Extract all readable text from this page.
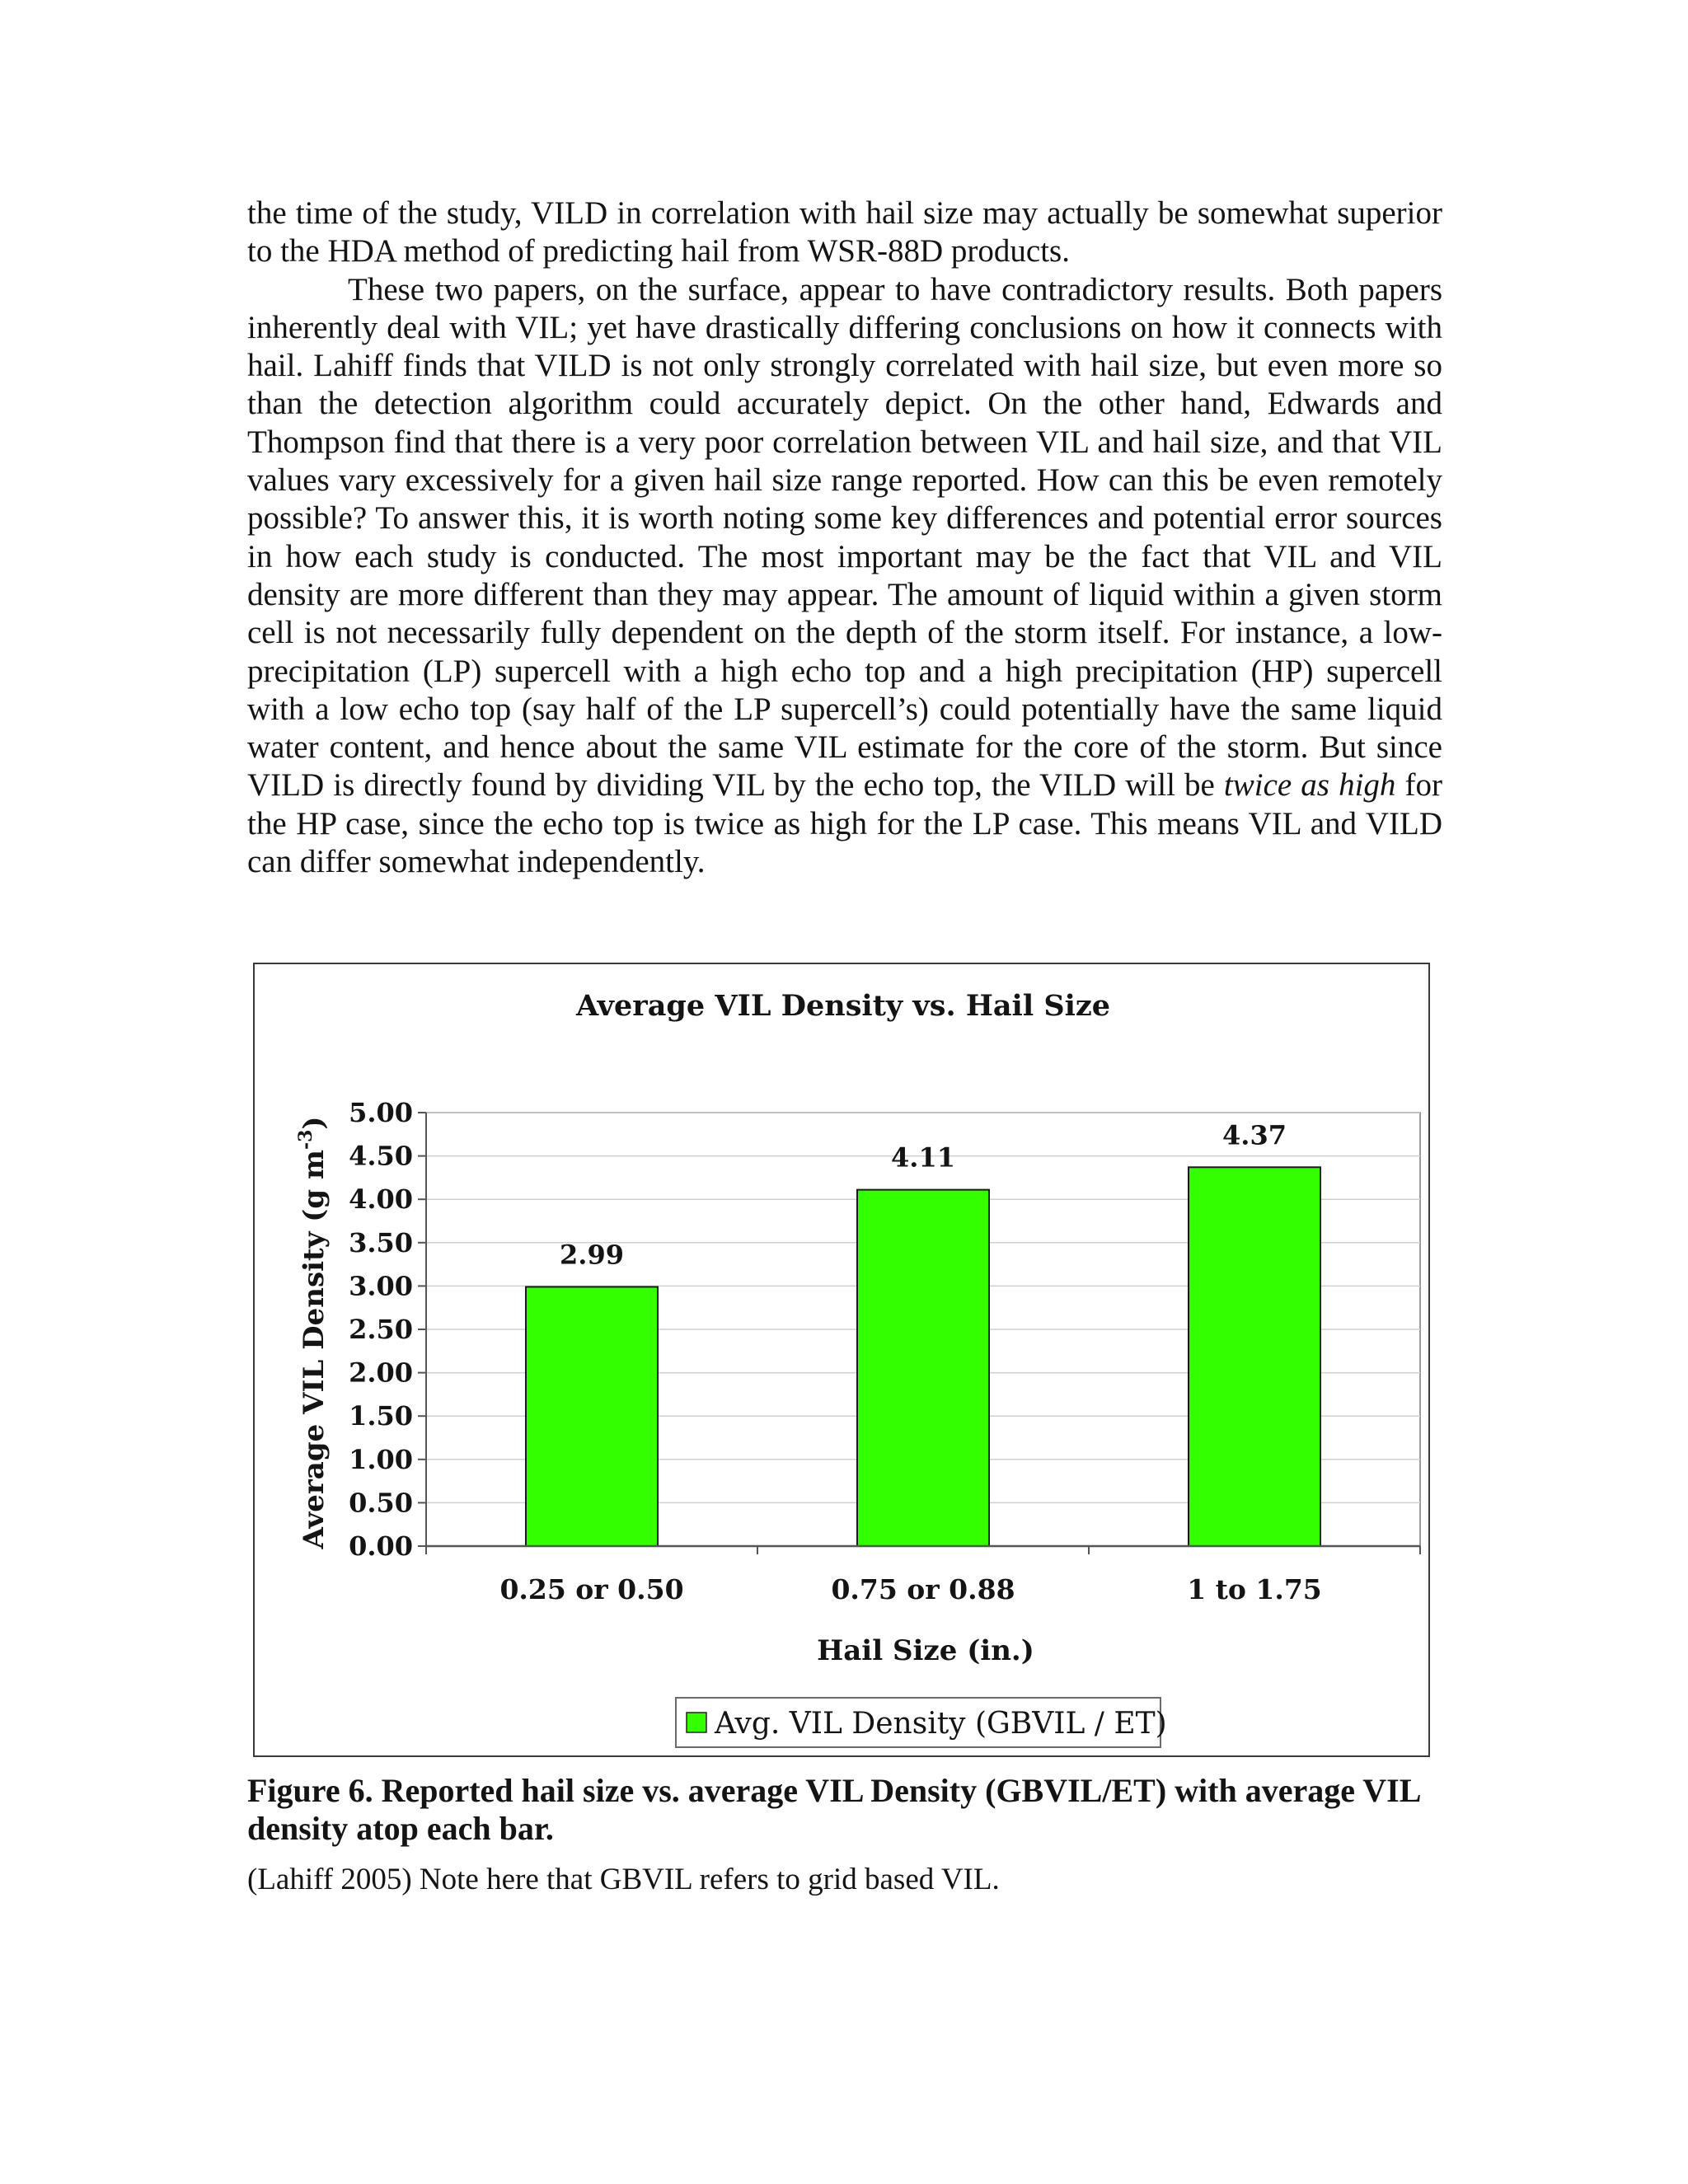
the time of the study, VILD in correlation with hail size may actually be somewhat superior to the HDA method of predicting hail from WSR-88D products.

These two papers, on the surface, appear to have contradictory results. Both papers inherently deal with VIL; yet have drastically differing conclusions on how it connects with hail. Lahiff finds that VILD is not only strongly correlated with hail size, but even more so than the detection algorithm could accurately depict. On the other hand, Edwards and Thompson find that there is a very poor correlation between VIL and hail size, and that VIL values vary excessively for a given hail size range reported. How can this be even remotely possible? To answer this, it is worth noting some key differences and potential error sources in how each study is conducted. The most important may be the fact that VIL and VIL density are more different than they may appear. The amount of liquid within a given storm cell is not necessarily fully dependent on the depth of the storm itself. For instance, a low-precipitation (LP) supercell with a high echo top and a high precipitation (HP) supercell with a low echo top (say half of the LP supercell’s) could potentially have the same liquid water content, and hence about the same VIL estimate for the core of the storm. But since VILD is directly found by dividing VIL by the echo top, the VILD will be twice as high for the HP case, since the echo top is twice as high for the LP case. This means VIL and VILD can differ somewhat independently.

Average VIL Density vs. Hail Size
0.00
0.50
1.00
1.50
2.00
2.50
3.00
3.50
4.00
4.50
5.00
2.99
0.25 or 0.50
4.11
0.75 or 0.88
4.37
1 to 1.75
Hail Size (in.)
Average VIL Density (g $m^{-3}$)
Avg. VIL Density (GBVIL / ET)
Figure 6. Reported hail size vs. average VIL Density (GBVIL/ET) with average VIL density atop each bar.
(Lahiff 2005) Note here that GBVIL refers to grid based VIL.
